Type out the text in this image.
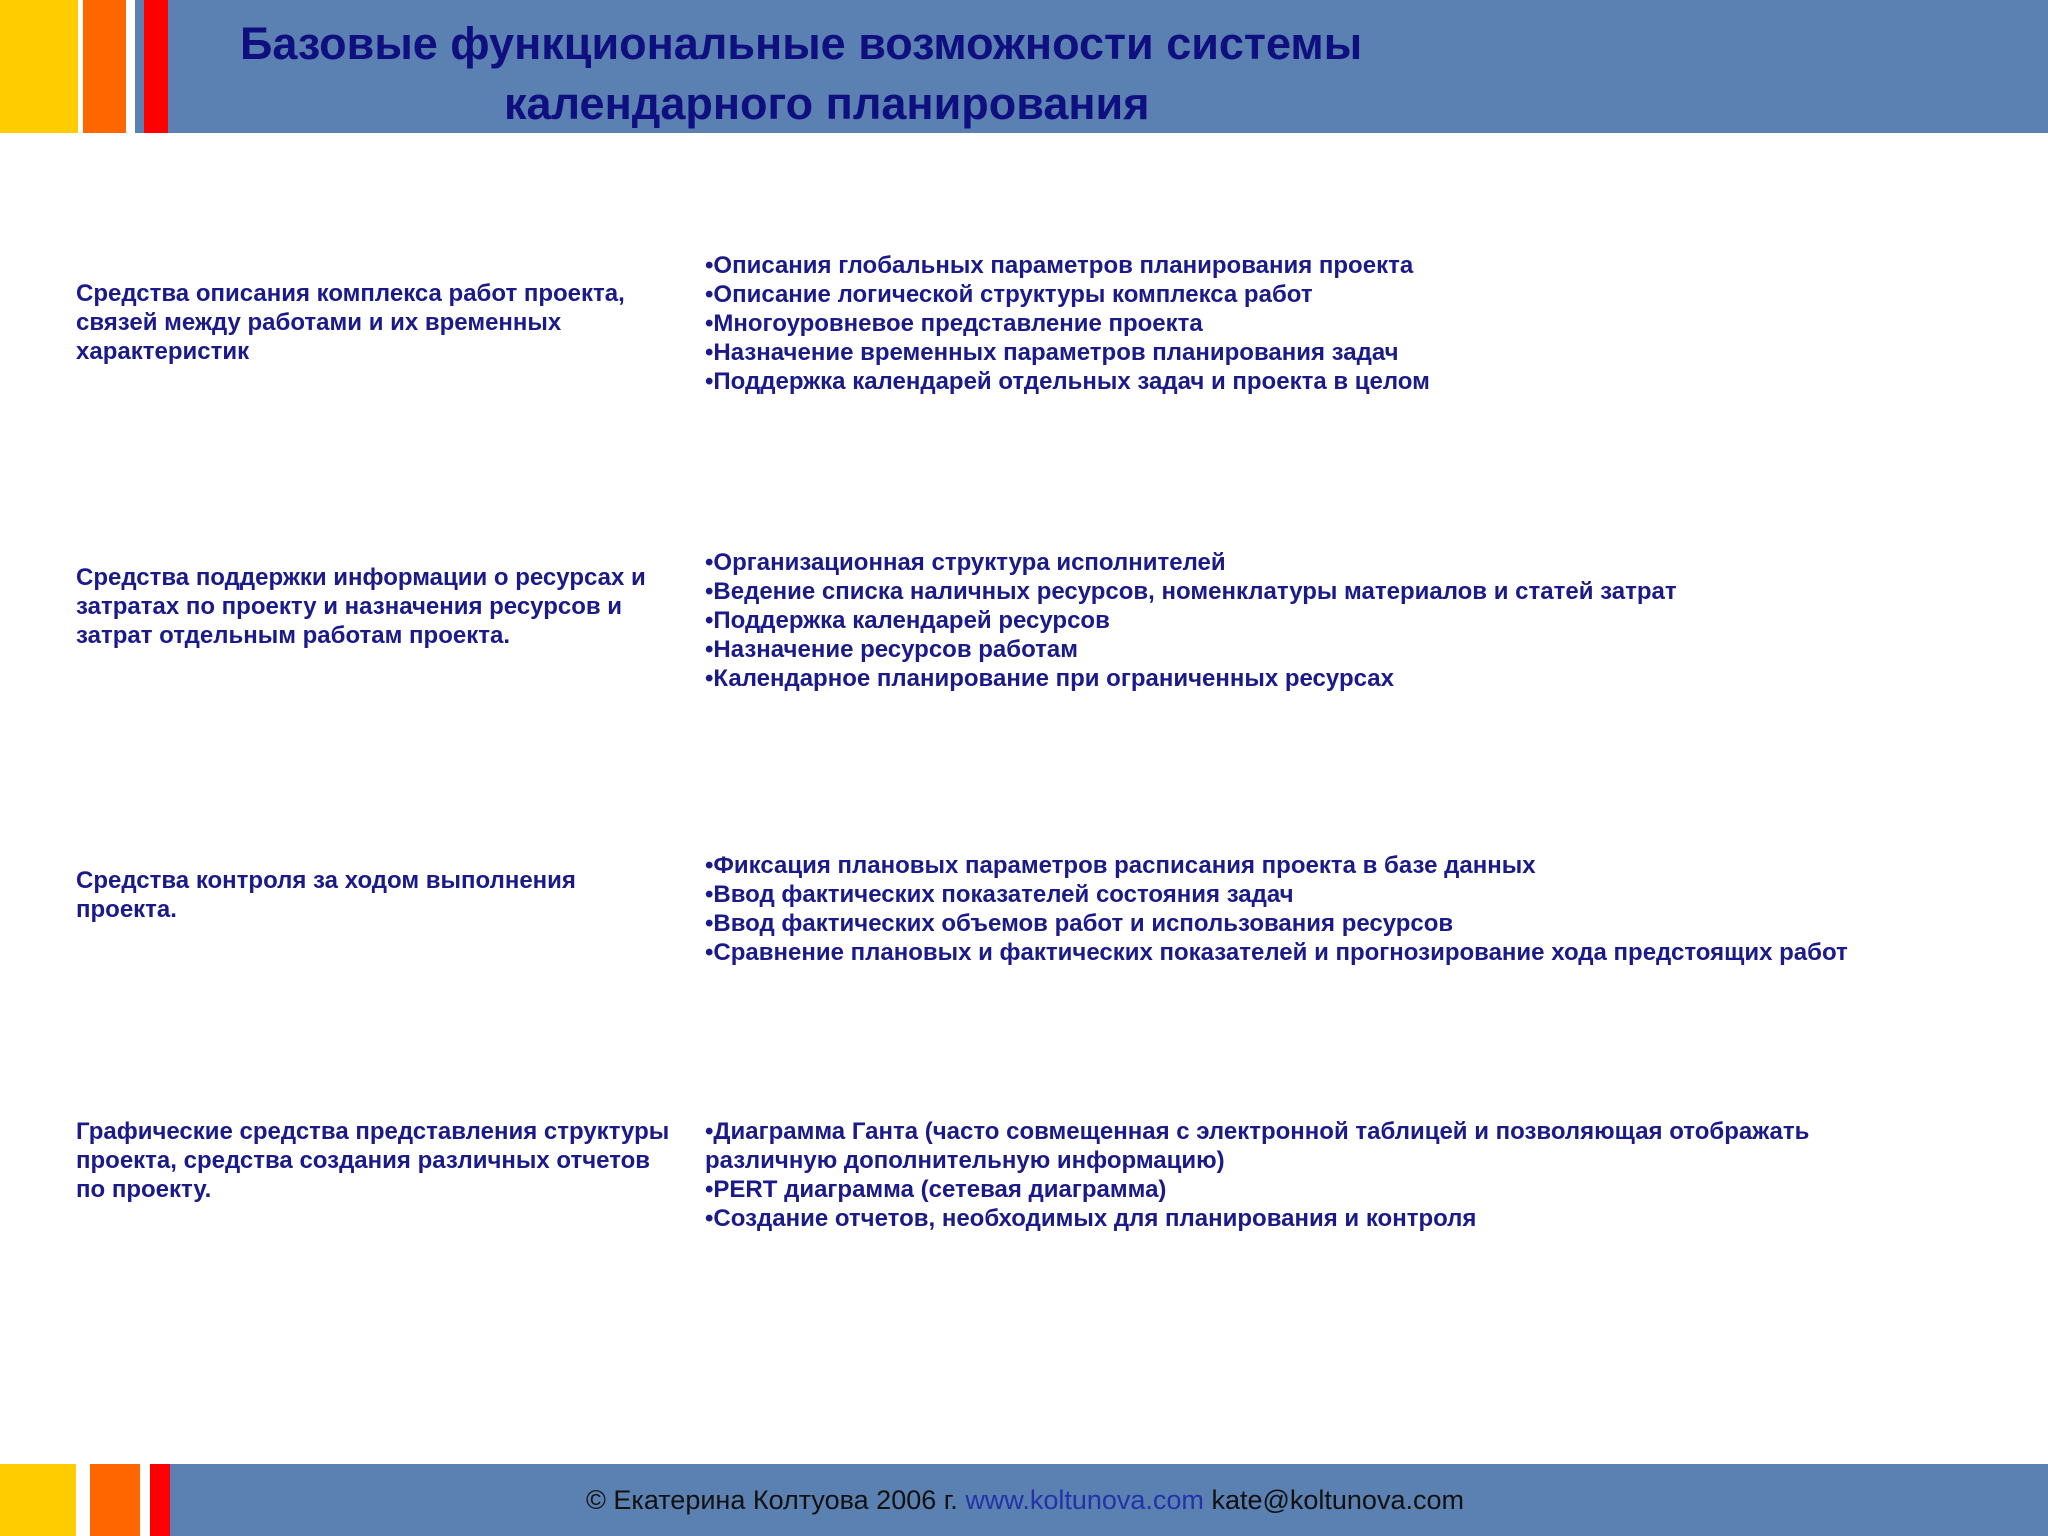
Базовые функциональные возможности системы
календарного планирования
Средства описания комплекса работ проекта, связей между работами и их временных характеристик
•Описания глобальных параметров планирования проекта
•Описание логической структуры комплекса работ
•Многоуровневое представление проекта
•Назначение временных параметров планирования задач
•Поддержка календарей отдельных задач и проекта в целом
Средства поддержки информации о ресурсах и затратах по проекту и назначения ресурсов и затрат отдельным работам проекта.
•Организационная структура исполнителей
•Ведение списка наличных ресурсов, номенклатуры материалов и статей затрат
•Поддержка календарей ресурсов
•Назначение ресурсов работам
•Календарное планирование при ограниченных ресурсах
Средства контроля за ходом выполнения проекта.
•Фиксация плановых параметров расписания проекта в базе данных
•Ввод фактических показателей состояния задач
•Ввод фактических объемов работ и использования ресурсов
•Сравнение плановых и фактических показателей и прогнозирование хода предстоящих работ
Графические средства представления структуры проекта, средства создания различных отчетов по проекту.
•Диаграмма Ганта (часто совмещенная с электронной таблицей и позволяющая отображать различную дополнительную информацию)
•PERT диаграмма (сетевая диаграмма)
•Создание отчетов, необходимых для планирования и контроля
© Екатерина Колтуова 2006 г. www.koltunova.com kate@koltunova.com
